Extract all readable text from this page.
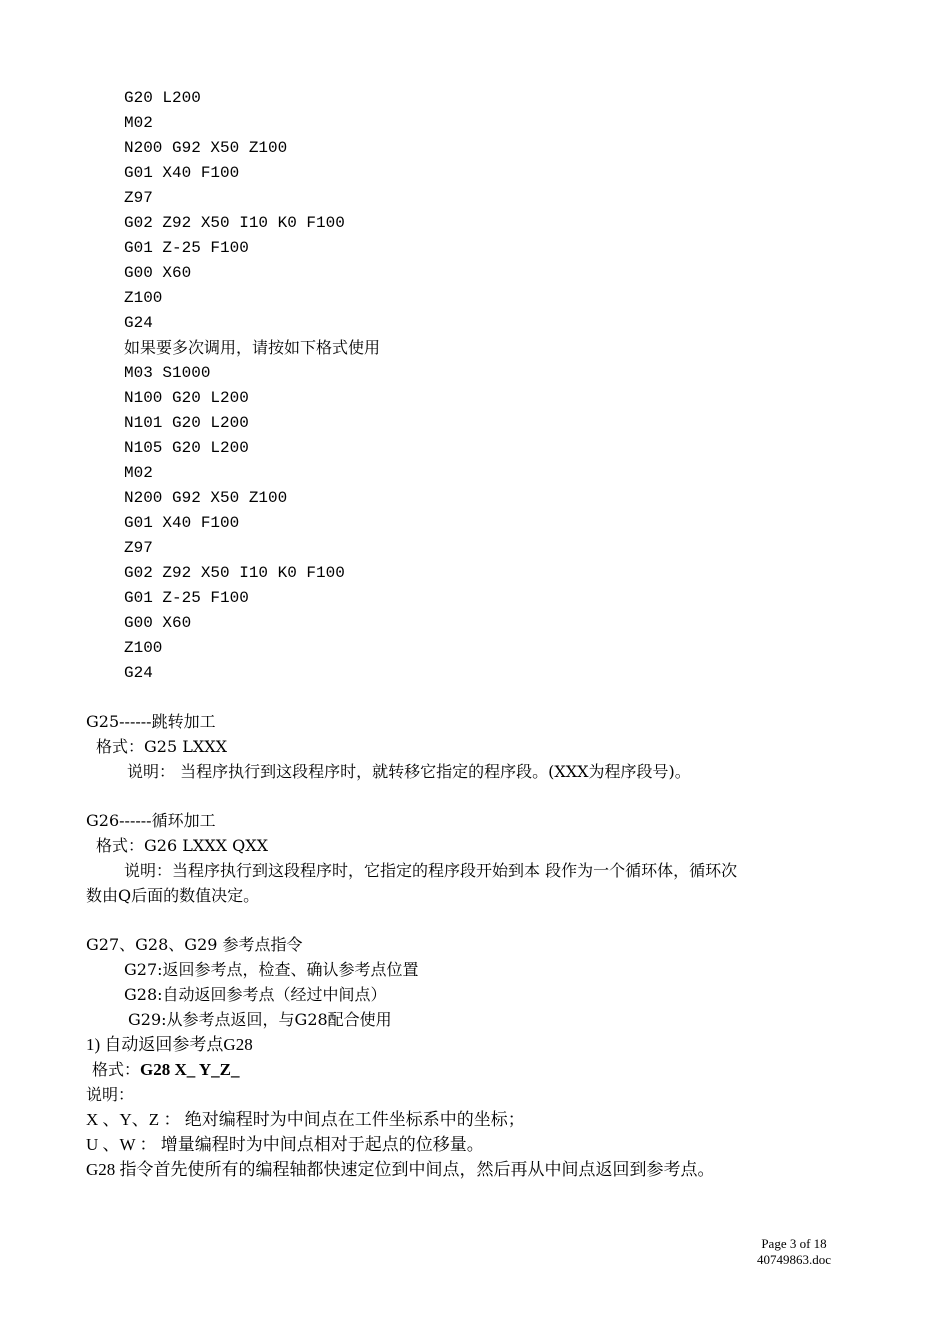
G20 L200
M02
N200 G92 X50 Z100
G01 X40 F100
Z97
G02 Z92 X50 I10 K0 F100
G01 Z-25 F100
G00 X60
Z100
G24
如果要多次调用，请按如下格式使用
M03 S1000
N100 G20 L200
N101 G20 L200
N105 G20 L200
M02
N200 G92 X50 Z100
G01 X40 F100
Z97
G02 Z92 X50 I10 K0 F100
G01 Z-25 F100
G00 X60
Z100
G24
G25------跳转加工
格式：G25 LXXX
说明： 当程序执行到这段程序时，就转移它指定的程序段。(XXX为程序段号)。
G26------循环加工
格式：G26 LXXX QXX
说明：当程序执行到这段程序时，它指定的程序段开始到本 段作为一个循环体，循环次
数由Q后面的数值决定。
G27、G28、G29 参考点指令
G27:返回参考点，检查、确认参考点位置
G28:自动返回参考点（经过中间点）
G29:从参考点返回，与G28配合使用
1) 自动返回参考点G28
格式：G28 X_ Y_Z_
说明：
X 、Y、Z ： 绝对编程时为中间点在工件坐标系中的坐标；
U 、W ： 增量编程时为中间点相对于起点的位移量。
G28 指令首先使所有的编程轴都快速定位到中间点，然后再从中间点返回到参考点。
Page 3 of 18
40749863.doc
